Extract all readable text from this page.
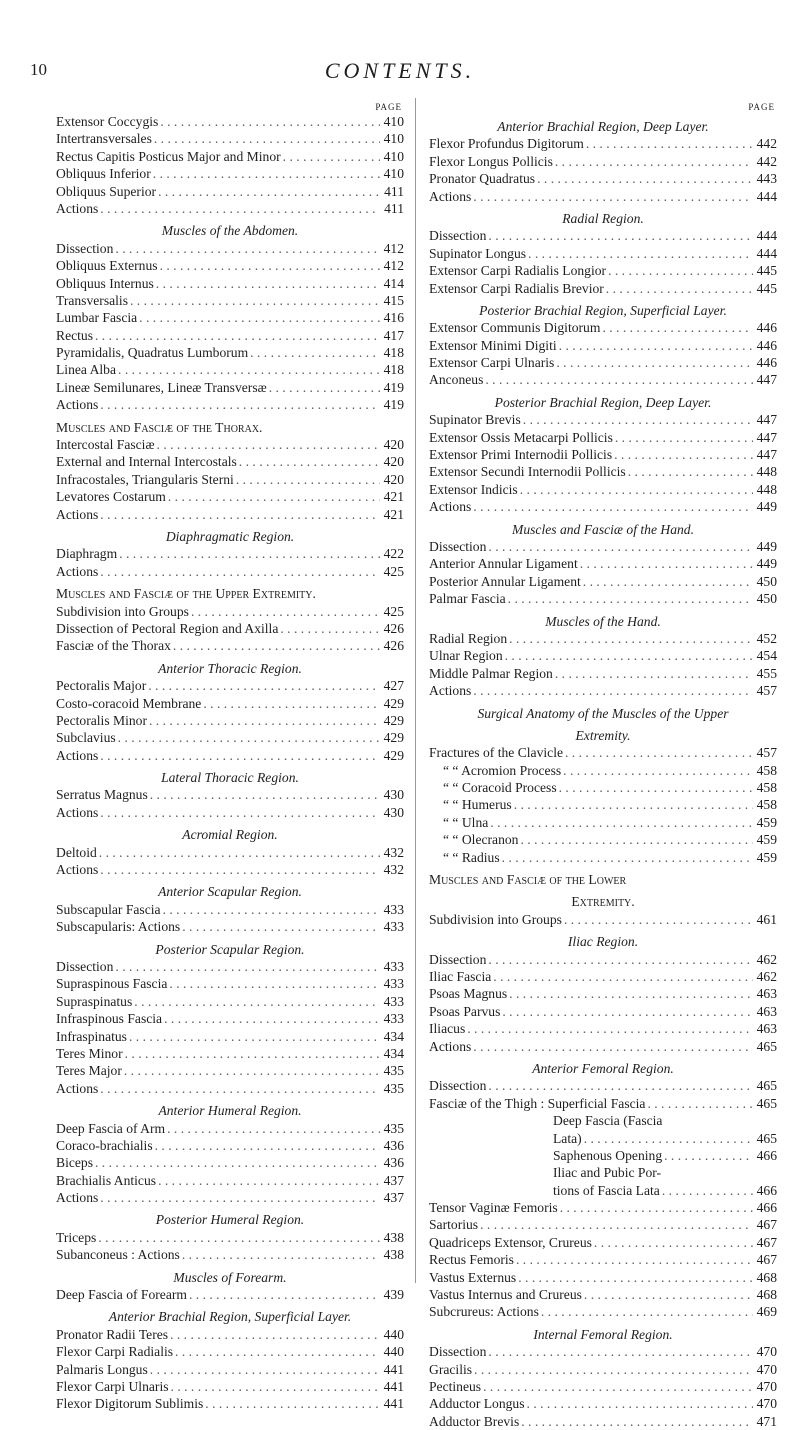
10	CONTENTS.
PAGE
Extensor Coccygis . . .	410
Intertransversales . . .	410
Rectus Capitis Posticus Major and Minor . . .	410
Obliquus Inferior . . .	410
Obliquus Superior . . .	411
Actions . . .	411
Muscles of the Abdomen.
Dissection . . .	412
Obliquus Externus . . .	412
Obliquus Internus . . .	414
Transversalis . . .	415
Lumbar Fascia . . .	416
Rectus . . .	417
Pyramidalis, Quadratus Lumborum . . .	418
Linea Alba . . .	418
Lineæ Semilunares, Lineæ Transversæ . . .	419
Actions . . .	419
Muscles and Fasciæ of the Thorax.
Intercostal Fasciæ . . .	420
External and Internal Intercostals . . .	420
Infracostales, Triangularis Sterni . . .	420
Levatores Costarum . . .	421
Actions . . .	421
Diaphragmatic Region.
Diaphragm . . .	422
Actions . . .	425
Muscles and Fasciæ of the Upper Extremity.
Subdivision into Groups . . .	425
Dissection of Pectoral Region and Axilla . . .	426
Fasciæ of the Thorax . . .	426
Anterior Thoracic Region.
Pectoralis Major . . .	427
Costo-coracoid Membrane . . .	429
Pectoralis Minor . . .	429
Subclavius . . .	429
Actions . . .	429
Lateral Thoracic Region.
Serratus Magnus . . .	430
Actions . . .	430
Acromial Region.
Deltoid . . .	432
Actions . . .	432
Anterior Scapular Region.
Subscapular Fascia . . .	433
Subscapularis: Actions . . .	433
Posterior Scapular Region.
Dissection . . .	433
Supraspinous Fascia . . .	433
Supraspinatus . . .	433
Infraspinous Fascia . . .	433
Infraspinatus . . .	434
Teres Minor . . .	434
Teres Major . . .	435
Actions . . .	435
Anterior Humeral Region.
Deep Fascia of Arm . . .	435
Coraco-brachialis . . .	436
Biceps . . .	436
Brachialis Anticus . . .	437
Actions . . .	437
Posterior Humeral Region.
Triceps . . .	438
Subanconeus : Actions . . .	438
Muscles of Forearm.
Deep Fascia of Forearm . . .	439
Anterior Brachial Region, Superficial Layer.
Pronator Radii Teres . . .	440
Flexor Carpi Radialis . . .	440
Palmaris Longus . . .	441
Flexor Carpi Ulnaris . . .	441
Flexor Digitorum Sublimis . . .	441
PAGE
Anterior Brachial Region, Deep Layer.
Flexor Profundus Digitorum . . .	442
Flexor Longus Pollicis . . .	442
Pronator Quadratus . . .	443
Actions . . .	444
Radial Region.
Dissection . . .	444
Supinator Longus . . .	444
Extensor Carpi Radialis Longior . . .	445
Extensor Carpi Radialis Brevior . . .	445
Posterior Brachial Region, Superficial Layer.
Extensor Communis Digitorum . . .	446
Extensor Minimi Digiti . . .	446
Extensor Carpi Ulnaris . . .	446
Anconeus . . .	447
Posterior Brachial Region, Deep Layer.
Supinator Brevis . . .	447
Extensor Ossis Metacarpi Pollicis . . .	447
Extensor Primi Internodii Pollicis . . .	447
Extensor Secundi Internodii Pollicis . . .	448
Extensor Indicis . . .	448
Actions . . .	449
Muscles and Fasciæ of the Hand.
Dissection . . .	449
Anterior Annular Ligament . . .	449
Posterior Annular Ligament . . .	450
Palmar Fascia . . .	450
Muscles of the Hand.
Radial Region . . .	452
Ulnar Region . . .	454
Middle Palmar Region . . .	455
Actions . . .	457
Surgical Anatomy of the Muscles of the Upper
Extremity.
Fractures of the Clavicle . . .	457
“ “ Acromion Process . . .	458
“ “ Coracoid Process . . .	458
“ “ Humerus . . .	458
“ “ Ulna . . .	459
“ “ Olecranon . . .	459
“ “ Radius . . .	459
Muscles and Fasciæ of the Lower
Extremity.
Subdivision into Groups . . .	461
Iliac Region.
Dissection . . .	462
Iliac Fascia . . .	462
Psoas Magnus . . .	463
Psoas Parvus . . .	463
Iliacus . . .	463
Actions . . .	465
Anterior Femoral Region.
Dissection . . .	465
Fasciæ of the Thigh : Superficial Fascia . . .	465
Deep Fascia (Fascia
Lata) . . .	465
Saphenous Opening . . .	466
Iliac and Pubic Por-
tions of Fascia Lata . . .	466
Tensor Vaginæ Femoris . . .	466
Sartorius . . .	467
Quadriceps Extensor, Crureus . . .	467
Rectus Femoris . . .	467
Vastus Externus . . .	468
Vastus Internus and Crureus . . .	468
Subcrureus: Actions . . .	469
Internal Femoral Region.
Dissection . . .	470
Gracilis . . .	470
Pectineus . . .	470
Adductor Longus . . .	470
Adductor Brevis . . .	471
